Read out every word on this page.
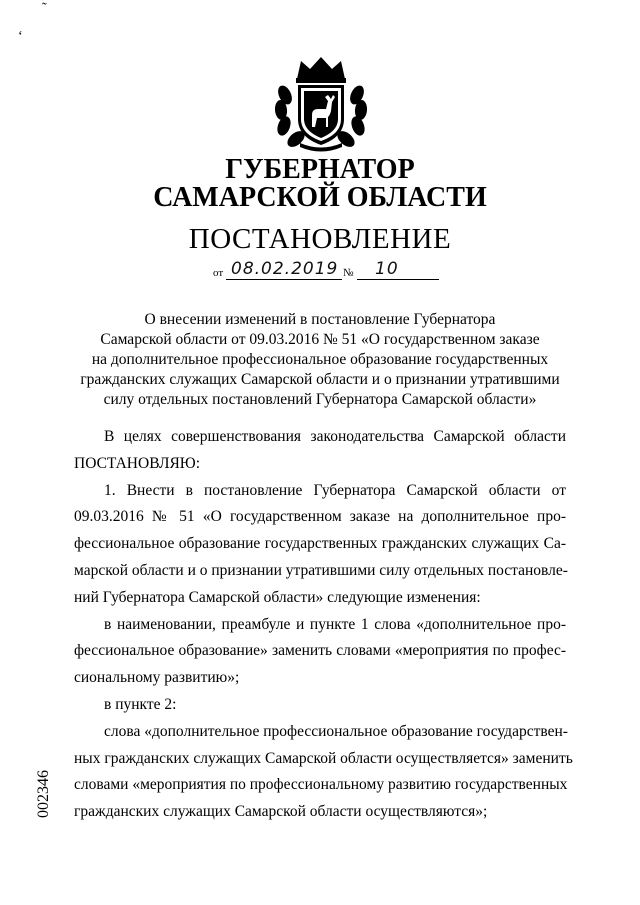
˜
ʻ
ГУБЕРНАТОР
САМАРСКОЙ ОБЛАСТИ
ПОСТАНОВЛЕНИЕ
от 08.02.2019 № 10
О внесении изменений в постановление Губернатора
Самарской области от 09.03.2016 № 51 «О государственном заказе
на дополнительное профессиональное образование государственных
гражданских служащих Самарской области и о признании утратившими
силу отдельных постановлений Губернатора Самарской области»
В целях совершенствования законодательства Самарской области
ПОСТАНОВЛЯЮ:
1. Внести в постановление Губернатора Самарской области от
09.03.2016 № 51 «О государственном заказе на дополнительное про-
фессиональное образование государственных гражданских служащих Са-
марской области и о признании утратившими силу отдельных постановле-
ний Губернатора Самарской области» следующие изменения:
в наименовании, преамбуле и пункте 1 слова «дополнительное про-
фессиональное образование» заменить словами «мероприятия по профес-
сиональному развитию»;
в пункте 2:
слова «дополнительное профессиональное образование государствен-
ных гражданских служащих Самарской области осуществляется» заменить
словами «мероприятия по профессиональному развитию государственных
гражданских служащих Самарской области осуществляются»;
002346
